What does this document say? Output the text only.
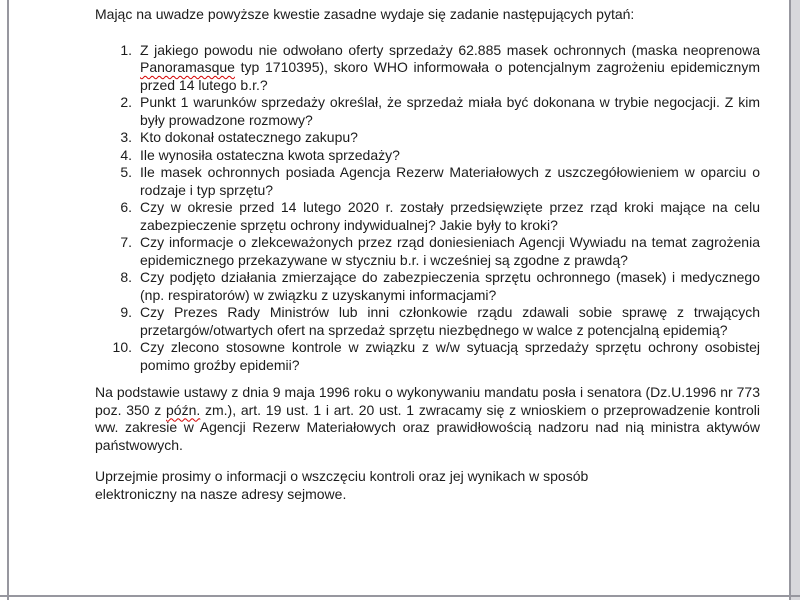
Mając na uwadze powyższe kwestie zasadne wydaje się zadanie następujących pytań:

1. Z jakiego powodu nie odwołano oferty sprzedaży 62.885 masek ochronnych (maska neoprenowa Panoramasque typ 1710395), skoro WHO informowała o potencjalnym zagrożeniu epidemicznym przed 14 lutego b.r.?
2. Punkt 1 warunków sprzedaży określał, że sprzedaż miała być dokonana w trybie negocjacji. Z kim były prowadzone rozmowy?
3. Kto dokonał ostatecznego zakupu?
4. Ile wynosiła ostateczna kwota sprzedaży?
5. Ile masek ochronnych posiada Agencja Rezerw Materiałowych z uszczegółowieniem w oparciu o rodzaje i typ sprzętu?
6. Czy w okresie przed 14 lutego 2020 r. zostały przedsięwzięte przez rząd kroki mające na celu zabezpieczenie sprzętu ochrony indywidualnej? Jakie były to kroki?
7. Czy informacje o zlekceważonych przez rząd doniesieniach Agencji Wywiadu na temat zagrożenia epidemicznego przekazywane w styczniu b.r. i wcześniej są zgodne z prawdą?
8. Czy podjęto działania zmierzające do zabezpieczenia sprzętu ochronnego (masek) i medycznego (np. respiratorów) w związku z uzyskanymi informacjami?
9. Czy Prezes Rady Ministrów lub inni członkowie rządu zdawali sobie sprawę z trwających przetargów/otwartych ofert na sprzedaż sprzętu niezbędnego w walce z potencjalną epidemią?
10. Czy zlecono stosowne kontrole w związku z w/w sytuacją sprzedaży sprzętu ochrony osobistej pomimo groźby epidemii?

Na podstawie ustawy z dnia 9 maja 1996 roku o wykonywaniu mandatu posła i senatora (Dz.U.1996 nr 773 poz. 350 z późn. zm.), art. 19 ust. 1 i art. 20 ust. 1 zwracamy się z wnioskiem o przeprowadzenie kontroli ww. zakresie w Agencji Rezerw Materiałowych oraz prawidłowością nadzoru nad nią ministra aktywów państwowych.

Uprzejmie prosimy o informacji o wszczęciu kontroli oraz jej wynikach w sposób
elektroniczny na nasze adresy sejmowe.
